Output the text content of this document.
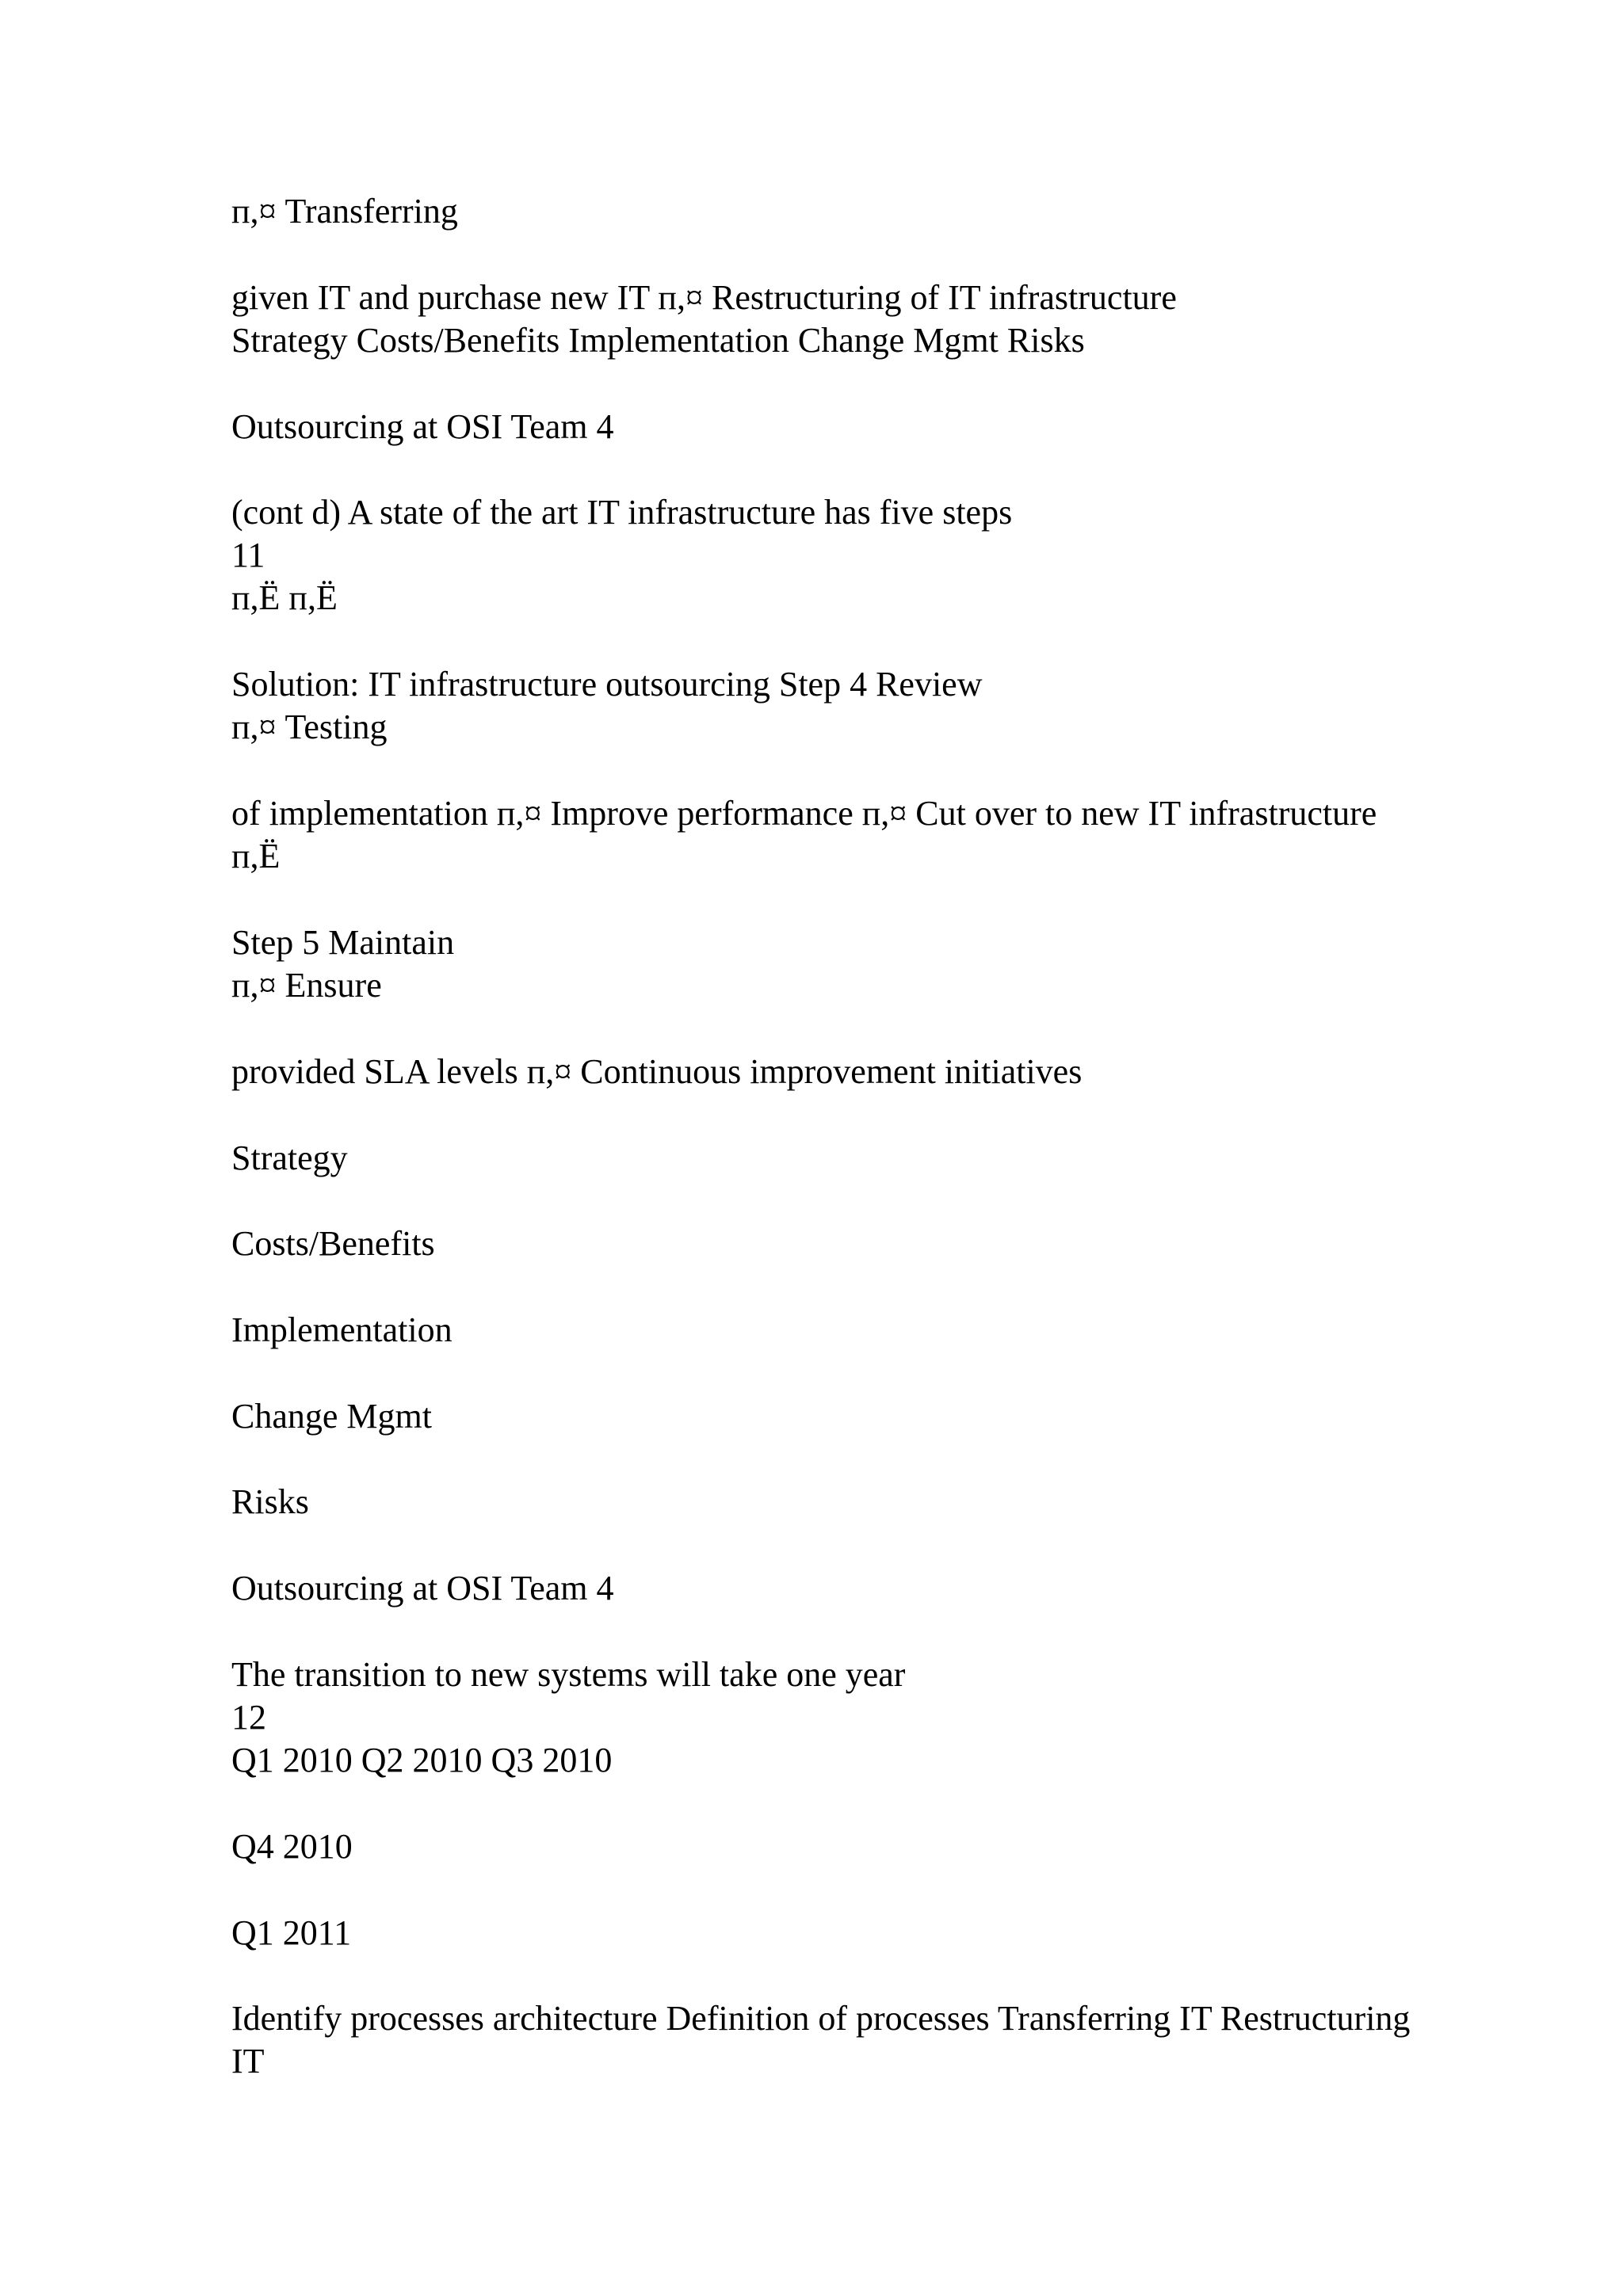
п,¤ Transferring
given IT and purchase new IT п,¤ Restructuring of IT infrastructure
Strategy Costs/Benefits Implementation Change Mgmt Risks
Outsourcing at OSI Team 4
(cont d) A state of the art IT infrastructure has five steps
11
п,Ë п,Ë
Solution: IT infrastructure outsourcing Step 4 Review
п,¤ Testing
of implementation п,¤ Improve performance п,¤ Cut over to new IT infrastructure
п,Ë
Step 5 Maintain
п,¤ Ensure
provided SLA levels п,¤ Continuous improvement initiatives
Strategy
Costs/Benefits
Implementation
Change Mgmt
Risks
Outsourcing at OSI Team 4
The transition to new systems will take one year
12
Q1 2010 Q2 2010 Q3 2010
Q4 2010
Q1 2011
Identify processes architecture Definition of processes Transferring IT Restructuring
IT
